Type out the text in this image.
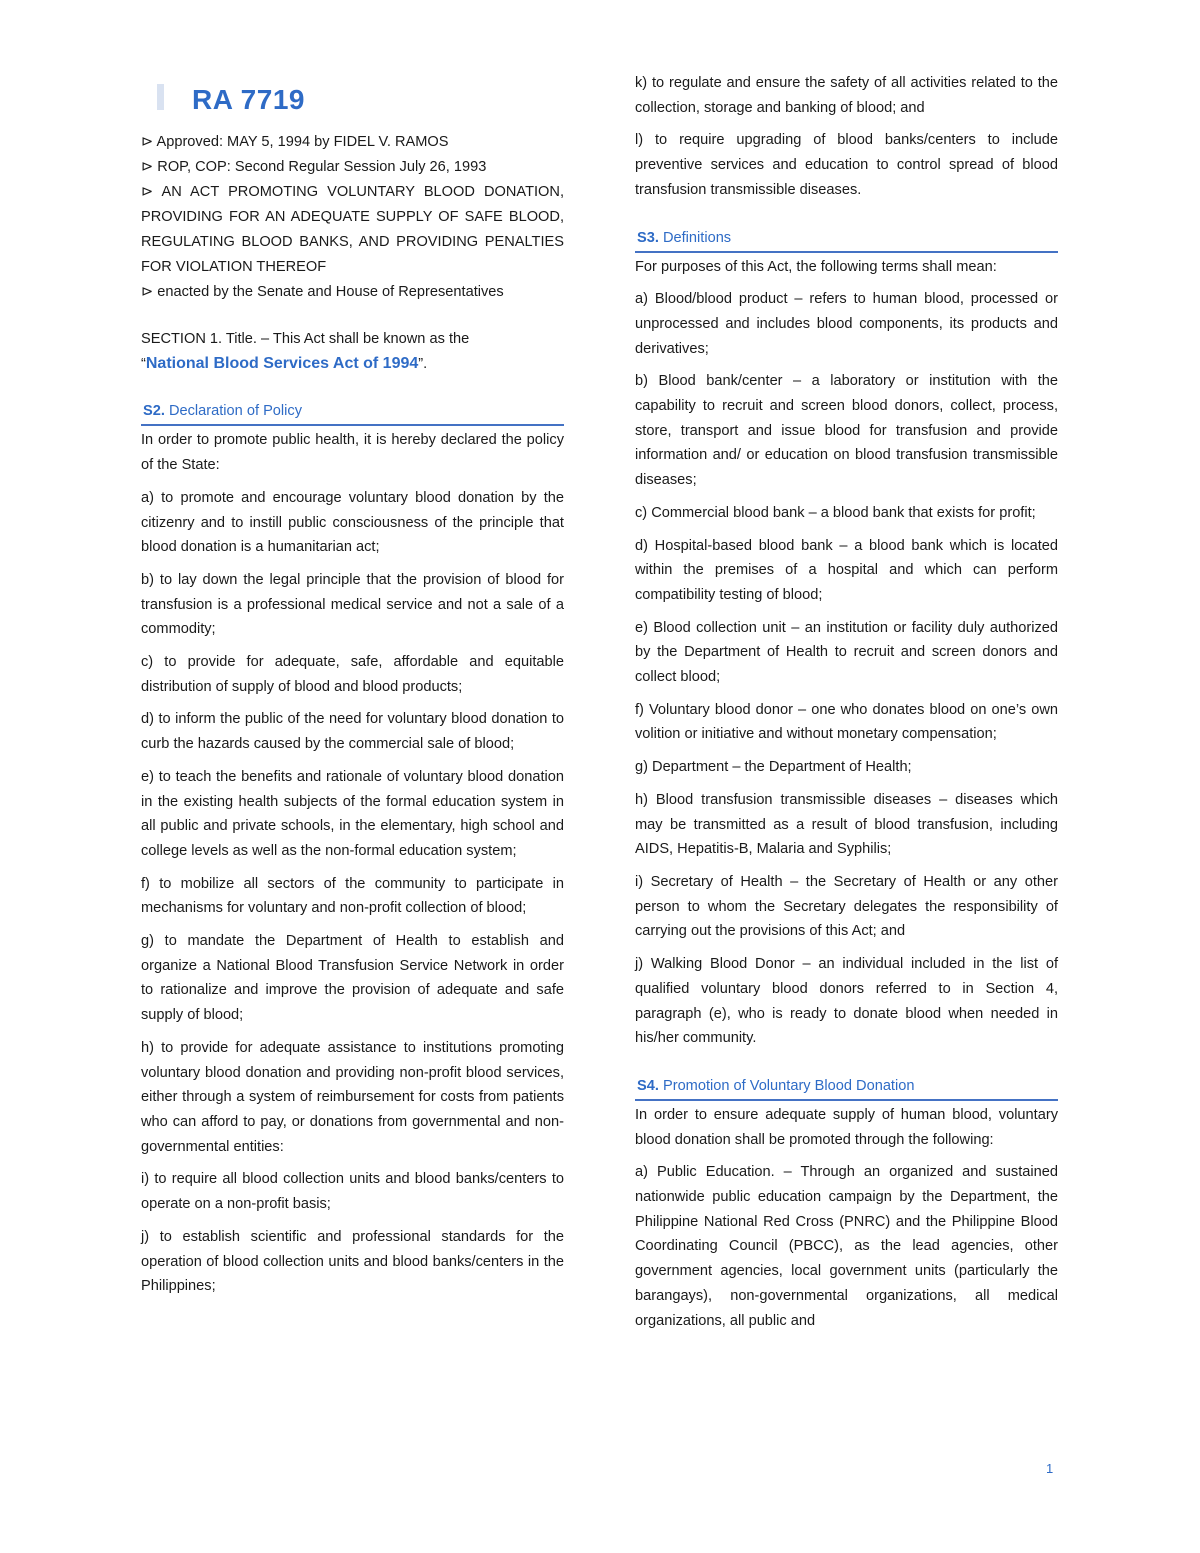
RA 7719
⊳ Approved: MAY 5, 1994 by FIDEL V. RAMOS
⊳ ROP, COP: Second Regular Session July 26, 1993
⊳ AN ACT PROMOTING VOLUNTARY BLOOD DONATION, PROVIDING FOR AN ADEQUATE SUPPLY OF SAFE BLOOD, REGULATING BLOOD BANKS, AND PROVIDING PENALTIES FOR VIOLATION THEREOF
⊳ enacted by the Senate and House of Representatives
SECTION 1. Title. – This Act shall be known as the
“National Blood Services Act of 1994”.
S2. Declaration of Policy
In order to promote public health, it is hereby declared the policy of the State:
a) to promote and encourage voluntary blood donation by the citizenry and to instill public consciousness of the principle that blood donation is a humanitarian act;
b) to lay down the legal principle that the provision of blood for transfusion is a professional medical service and not a sale of a commodity;
c) to provide for adequate, safe, affordable and equitable distribution of supply of blood and blood products;
d) to inform the public of the need for voluntary blood donation to curb the hazards caused by the commercial sale of blood;
e) to teach the benefits and rationale of voluntary blood donation in the existing health subjects of the formal education system in all public and private schools, in the elementary, high school and college levels as well as the non-formal education system;
f) to mobilize all sectors of the community to participate in mechanisms for voluntary and non-profit collection of blood;
g) to mandate the Department of Health to establish and organize a National Blood Transfusion Service Network in order to rationalize and improve the provision of adequate and safe supply of blood;
h) to provide for adequate assistance to institutions promoting voluntary blood donation and providing non-profit blood services, either through a system of reimbursement for costs from patients who can afford to pay, or donations from governmental and non-governmental entities:
i) to require all blood collection units and blood banks/centers to operate on a non-profit basis;
j) to establish scientific and professional standards for the operation of blood collection units and blood banks/centers in the Philippines;
k) to regulate and ensure the safety of all activities related to the collection, storage and banking of blood; and
l) to require upgrading of blood banks/centers to include preventive services and education to control spread of blood transfusion transmissible diseases.
S3. Definitions
For purposes of this Act, the following terms shall mean:
a) Blood/blood product – refers to human blood, processed or unprocessed and includes blood components, its products and derivatives;
b) Blood bank/center – a laboratory or institution with the capability to recruit and screen blood donors, collect, process, store, transport and issue blood for transfusion and provide information and/ or education on blood transfusion transmissible diseases;
c) Commercial blood bank – a blood bank that exists for profit;
d) Hospital-based blood bank – a blood bank which is located within the premises of a hospital and which can perform compatibility testing of blood;
e) Blood collection unit – an institution or facility duly authorized by the Department of Health to recruit and screen donors and collect blood;
f) Voluntary blood donor – one who donates blood on one’s own volition or initiative and without monetary compensation;
g) Department – the Department of Health;
h) Blood transfusion transmissible diseases – diseases which may be transmitted as a result of blood transfusion, including AIDS, Hepatitis-B, Malaria and Syphilis;
i) Secretary of Health – the Secretary of Health or any other person to whom the Secretary delegates the responsibility of carrying out the provisions of this Act; and
j) Walking Blood Donor – an individual included in the list of qualified voluntary blood donors referred to in Section 4, paragraph (e), who is ready to donate blood when needed in his/her community.
S4. Promotion of Voluntary Blood Donation
In order to ensure adequate supply of human blood, voluntary blood donation shall be promoted through the following:
a) Public Education. – Through an organized and sustained nationwide public education campaign by the Department, the Philippine National Red Cross (PNRC) and the Philippine Blood Coordinating Council (PBCC), as the lead agencies, other government agencies, local government units (particularly the barangays), non-governmental organizations, all medical organizations, all public and
1
